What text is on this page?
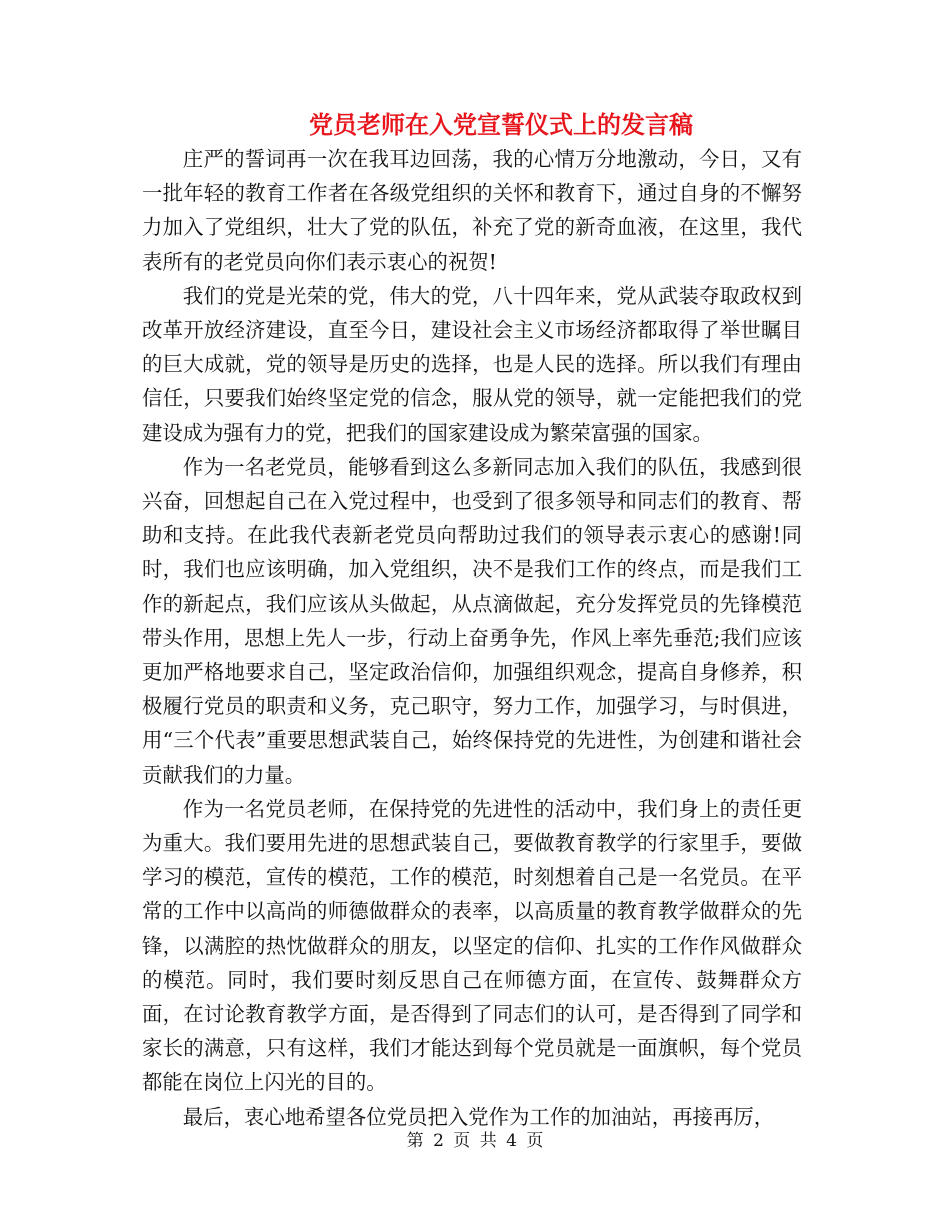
党员老师在入党宣誓仪式上的发言稿

庄严的誓词再一次在我耳边回荡，我的心情万分地激动，今日，又有一批年轻的教育工作者在各级党组织的关怀和教育下，通过自身的不懈努力加入了党组织，壮大了党的队伍，补充了党的新奇血液，在这里，我代表所有的老党员向你们表示衷心的祝贺!

我们的党是光荣的党，伟大的党，八十四年来，党从武装夺取政权到改革开放经济建设，直至今日，建设社会主义市场经济都取得了举世瞩目的巨大成就，党的领导是历史的选择，也是人民的选择。所以我们有理由信任，只要我们始终坚定党的信念，服从党的领导，就一定能把我们的党建设成为强有力的党，把我们的国家建设成为繁荣富强的国家。

作为一名老党员，能够看到这么多新同志加入我们的队伍，我感到很兴奋，回想起自己在入党过程中，也受到了很多领导和同志们的教育、帮助和支持。在此我代表新老党员向帮助过我们的领导表示衷心的感谢!同时，我们也应该明确，加入党组织，决不是我们工作的终点，而是我们工作的新起点，我们应该从头做起，从点滴做起，充分发挥党员的先锋模范带头作用，思想上先人一步，行动上奋勇争先，作风上率先垂范;我们应该更加严格地要求自己，坚定政治信仰，加强组织观念，提高自身修养，积极履行党员的职责和义务，克己职守，努力工作，加强学习，与时俱进，用“三个代表”重要思想武装自己，始终保持党的先进性，为创建和谐社会贡献我们的力量。

作为一名党员老师，在保持党的先进性的活动中，我们身上的责任更为重大。我们要用先进的思想武装自己，要做教育教学的行家里手，要做学习的模范，宣传的模范，工作的模范，时刻想着自己是一名党员。在平常的工作中以高尚的师德做群众的表率，以高质量的教育教学做群众的先锋，以满腔的热忱做群众的朋友，以坚定的信仰、扎实的工作作风做群众的模范。同时，我们要时刻反思自己在师德方面，在宣传、鼓舞群众方面，在讨论教育教学方面，是否得到了同志们的认可，是否得到了同学和家长的满意，只有这样，我们才能达到每个党员就是一面旗帜，每个党员都能在岗位上闪光的目的。

最后，衷心地希望各位党员把入党作为工作的加油站，再接再厉，

第 2 页 共 4 页
